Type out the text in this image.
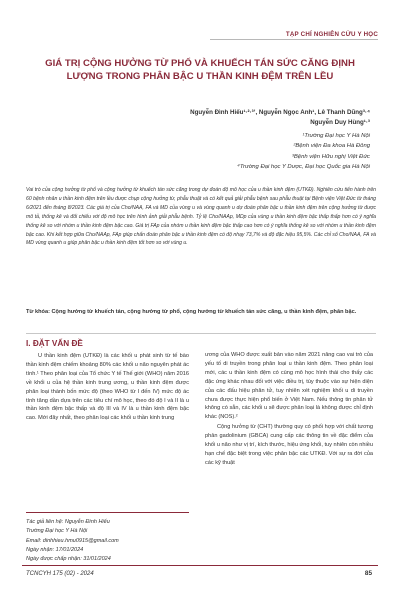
TẠP CHÍ NGHIÊN CỨU Y HỌC
GIÁ TRỊ CỘNG HƯỞNG TỪ PHỔ VÀ KHUẾCH TÁN SỨC CĂNG ĐỊNH LƯỢNG TRONG PHÂN BẬC U THẦN KINH ĐỆM TRÊN LỀU
Nguyễn Đình Hiếu¹·²·³ʼ, Nguyễn Ngọc Anh¹, Lê Thanh Dũng³·⁴
Nguyễn Duy Hùng¹·³
¹Trường Đại học Y Hà Nội
²Bệnh viện Đa khoa Hà Đông
³Bệnh viện Hữu nghị Việt Đức
⁴Trường Đại học Y Dược, Đại học Quốc gia Hà Nội

Vai trò của cộng hưởng từ phổ và cộng hưởng từ khuếch tán sức căng trong dự đoán độ mô học của u thần kinh đệm (UTKĐ). Nghiên cứu tiến hành trên 60 bệnh nhân u thần kinh đệm trên lều được chụp cộng hưởng từ, phẫu thuật và có kết quả giải phẫu bệnh sau phẫu thuật tại Bệnh viện Việt Đức từ tháng 6/2021 đến tháng 8/2023. Các giá trị của Cho/NAA, FA và MD của vùng u và vùng quanh u dự đoán phân bậc u thần kinh đệm trên cộng hưởng từ được mô tả, thống kê và đối chiếu với độ mô học trên hình ảnh giải phẫu bệnh. Tỷ lệ Cho/NAAp, MDp của vùng u thần kinh đệm bậc thấp thấp hơn có ý nghĩa thống kê so với nhóm u thần kinh đệm bậc cao. Giá trị FAp của nhóm u thần kinh đệm bậc thấp cao hơn có ý nghĩa thống kê so với nhóm u thần kinh đệm bậc cao. Khi kết hợp giữa Cho/NAAp, FAp giúp chẩn đoán phân bậc u thần kinh đệm có độ nhạy 73,7% và độ đặc hiệu 95,5%. Các chỉ số Cho/NAA, FA và MD vùng quanh u giúp phân bậc u thần kinh đệm tốt hơn so với vùng u.

Từ khóa: Cộng hưởng từ khuếch tán, cộng hưởng từ phổ, cộng hưởng từ khuếch tán sức căng, u thần kinh đệm, phân bậc.

I. ĐẶT VẤN ĐỀ

U thần kinh đệm (UTKĐ) là các khối u phát sinh từ tế bào thần kinh đệm chiếm khoảng 80% các khối u não nguyên phát ác tính.¹ Theo phân loại của Tổ chức Y tế Thế giới (WHO) năm 2016 về khối u của hệ thần kinh trung ương, u thần kinh đệm được phân loại thành bốn mức độ (theo WHO từ I đến IV) mức độ ác tính tăng dần dựa trên các tiêu chí mô học, theo đó độ I và II là u thần kinh đệm bậc thấp và độ III và IV là u thần kinh đệm bậc cao. Mới đây nhất, theo phân loại các khối u thần kinh trung

ương của WHO được xuất bản vào năm 2021 nâng cao vai trò của yếu tố di truyền trong phân loại u thần kinh đệm. Theo phân loại mới, các u thần kinh đệm có cùng mô học hình thái cho thấy các đặc ứng khác nhau đối với việc điều trị, tùy thuộc vào sự hiện diện của các đấu hiệu phân tử, tuy nhiên xét nghiệm khối u di truyền chưa được thực hiện phổ biến ở Việt Nam. Nếu thông tin phân tử không có sẵn, các khối u sẽ được phân loại là không được chỉ định khác (NOS).²

Cộng hưởng từ (CHT) thường quy có phối hợp với chất tương phản gadolinium (GBCA) cung cấp các thông tin về đặc điểm của khối u não như vị trí, kích thước, hiệu ứng khối, tuy nhiên còn nhiều hạn chế đặc biệt trong việc phân bậc các UTKĐ. Với sự ra đời của các kỹ thuật

Tác giả liên hệ: Nguyễn Đình Hiếu
Trường Đại học Y Hà Nội
Email: dinhhieu.hmu0915@gmail.com
Ngày nhận: 17/01/2024
Ngày được chấp nhận: 31/01/2024
TCNCYH 175 (02) - 2024	85
